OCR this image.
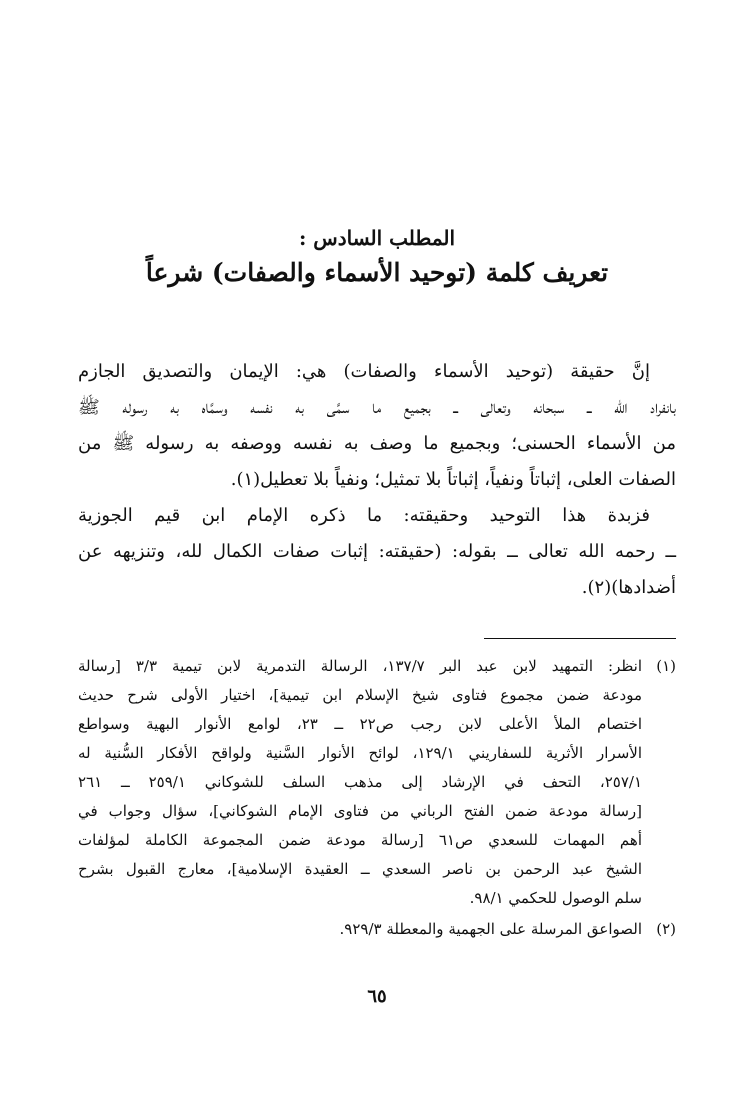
المطلب السادس :
تعريف كلمة (توحيد الأسماء والصفات) شرعاً
إنَّ حقيقة (توحيد الأسماء والصفات) هي: الإيمان والتصديق الجازم
بانفراد الله ــ سبحانه وتعالى ــ بجميع ما سمَّى به نفسه وسمَّاه به رسوله ﷺ
من الأسماء الحسنى؛ وبجميع ما وصف به نفسه ووصفه به رسوله ﷺ من
الصفات العلى، إثباتاً ونفياً، إثباتاً بلا تمثيل؛ ونفياً بلا تعطيل(١).
فزبدة هذا التوحيد وحقيقته: ما ذكره الإمام ابن قيم الجوزية
ــ رحمه الله تعالى ــ بقوله: (حقيقته: إثبات صفات الكمال لله، وتنزيهه عن
أضدادها)(٢).
(١)
انظر: التمهيد لابن عبد البر ١٣٧/٧، الرسالة التدمرية لابن تيمية ٣/٣ [رسالة
مودعة ضمن مجموع فتاوى شيخ الإسلام ابن تيمية]، اختيار الأولى شرح حديث
اختصام الملأ الأعلى لابن رجب ص٢٢ ــ ٢٣، لوامع الأنوار البهية وسواطع
الأسرار الأثرية للسفاريني ١٢٩/١، لوائح الأنوار السَّنية ولواقح الأفكار السُّنية له
٢٥٧/١، التحف في الإرشاد إلى مذهب السلف للشوكاني ٢٥٩/١ ــ ٢٦١
[رسالة مودعة ضمن الفتح الرباني من فتاوى الإمام الشوكاني]، سؤال وجواب في
أهم المهمات للسعدي ص٦١ [رسالة مودعة ضمن المجموعة الكاملة لمؤلفات
الشيخ عبد الرحمن بن ناصر السعدي ــ العقيدة الإسلامية]، معارج القبول بشرح
سلم الوصول للحكمي ٩٨/١.
(٢)
الصواعق المرسلة على الجهمية والمعطلة ٩٢٩/٣.
٦٥
